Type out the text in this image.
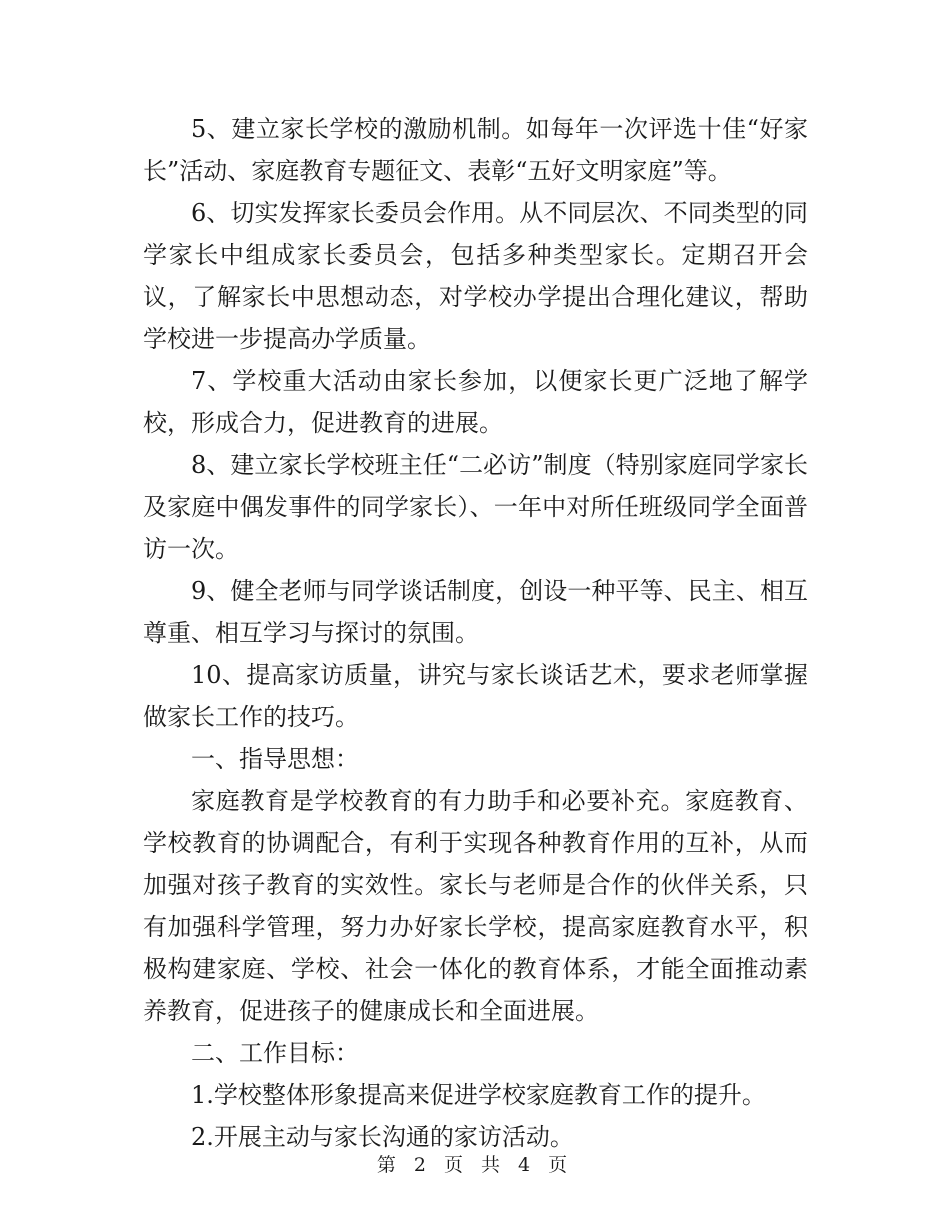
5、建立家长学校的激励机制。如每年一次评选十佳“好家长”活动、家庭教育专题征文、表彰“五好文明家庭”等。

6、切实发挥家长委员会作用。从不同层次、不同类型的同学家长中组成家长委员会，包括多种类型家长。定期召开会议，了解家长中思想动态，对学校办学提出合理化建议，帮助学校进一步提高办学质量。

7、学校重大活动由家长参加，以便家长更广泛地了解学校，形成合力，促进教育的进展。

8、建立家长学校班主任“二必访”制度（特别家庭同学家长及家庭中偶发事件的同学家长）、一年中对所任班级同学全面普访一次。

9、健全老师与同学谈话制度，创设一种平等、民主、相互尊重、相互学习与探讨的氛围。

10、提高家访质量，讲究与家长谈话艺术，要求老师掌握做家长工作的技巧。

一、指导思想：

家庭教育是学校教育的有力助手和必要补充。家庭教育、学校教育的协调配合，有利于实现各种教育作用的互补，从而加强对孩子教育的实效性。家长与老师是合作的伙伴关系，只有加强科学管理，努力办好家长学校，提高家庭教育水平，积极构建家庭、学校、社会一体化的教育体系，才能全面推动素养教育，促进孩子的健康成长和全面进展。

二、工作目标：

1.学校整体形象提高来促进学校家庭教育工作的提升。

2.开展主动与家长沟通的家访活动。

第 2 页 共 4 页
